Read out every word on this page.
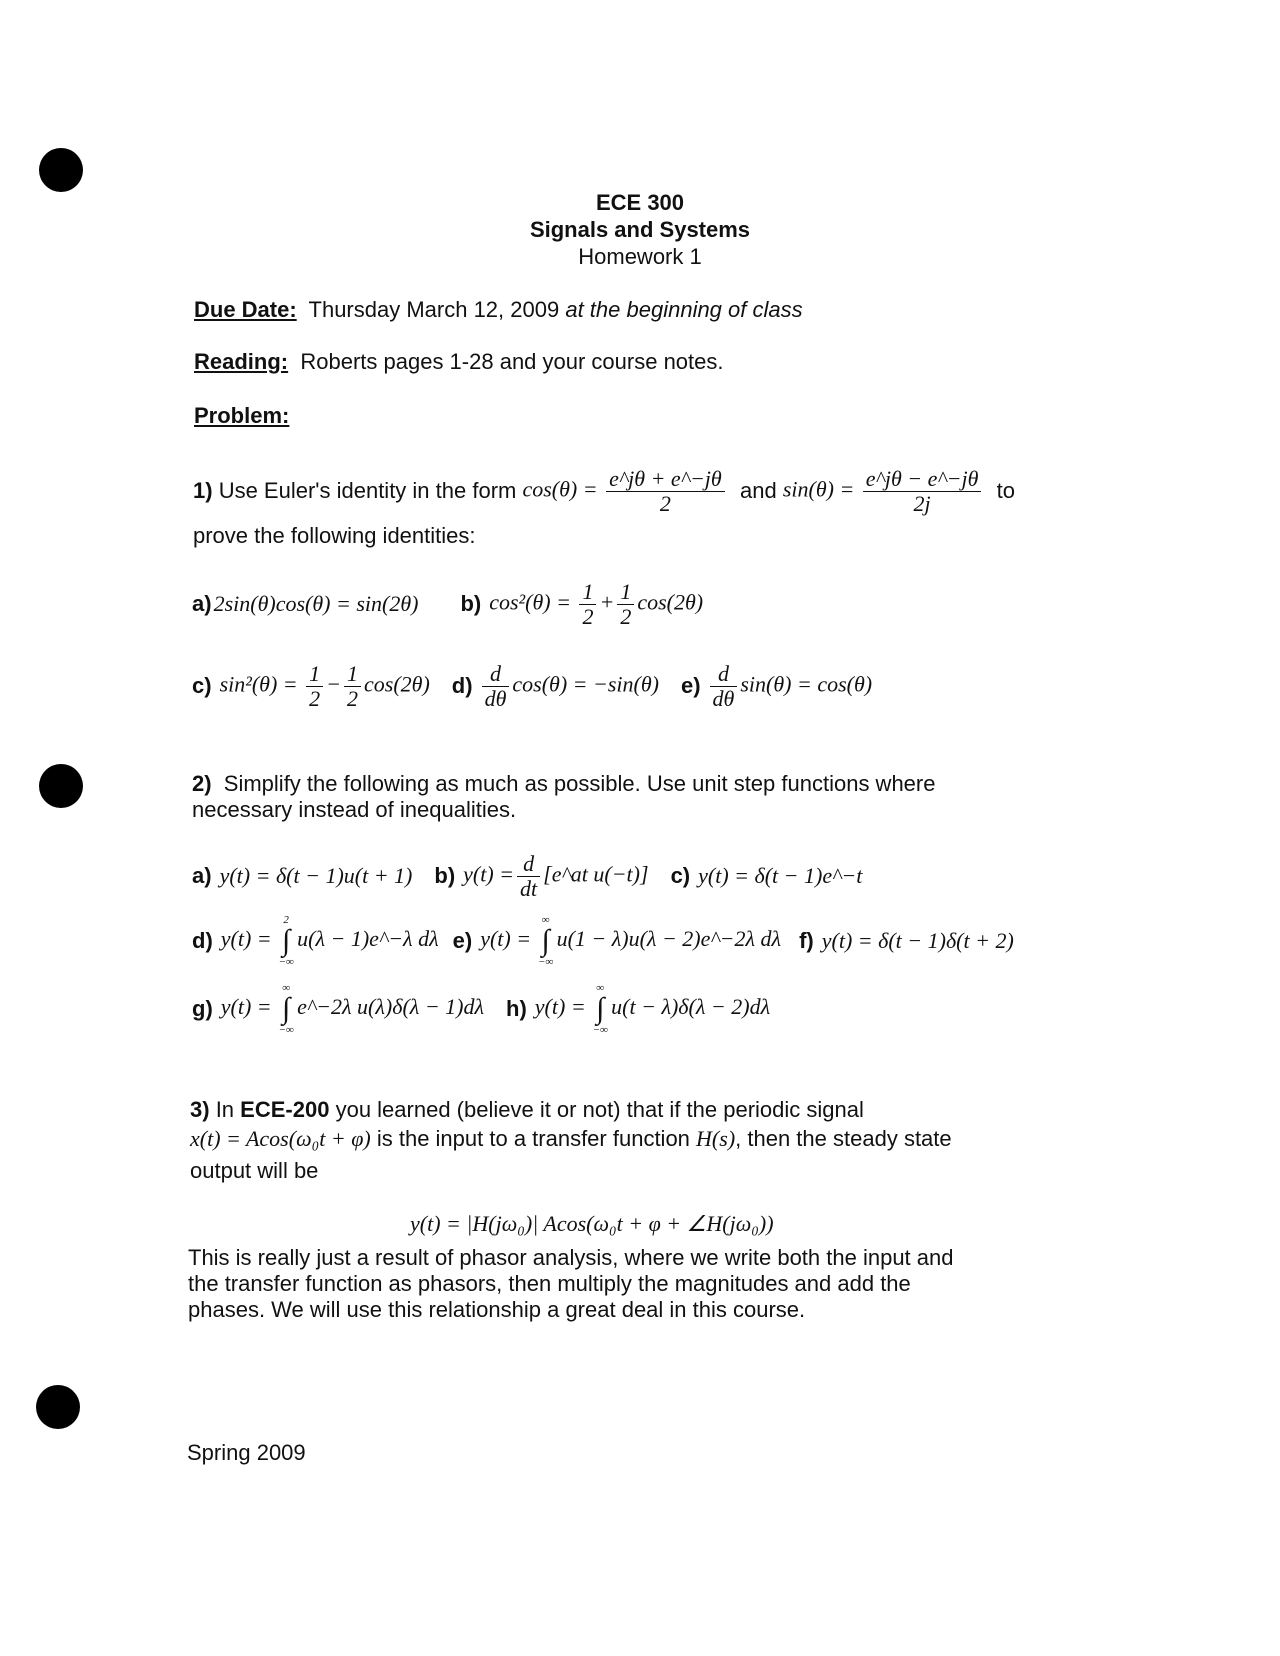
ECE 300
Signals and Systems
Homework 1
Due Date: Thursday March 12, 2009 at the beginning of class
Reading: Roberts pages 1-28 and your course notes.
Problem:
1)
Use Euler's identity in the form
$\cos(\theta) = \frac{e\^{}j\theta + e\^{}-j\theta}{2}$
and
$\sin(\theta) = \frac{e\^{}j\theta - e\^{}-j\theta}{2j}$
to
prove the following identities:
a) 2sin(θ)cos(θ) = sin(2θ) b) $\cos^2(\theta) = \frac{1}{2} + \frac{1}{2} \cos(2\theta)$
c) $\sin^2(\theta) = \frac{1}{2} - \frac{1}{2} \cos(2\theta)$ $d) \frac{d}{d\theta} \cos(\theta) = -\sin(\theta)$ $e) \frac{d}{d\theta} \sin(\theta) = \cos(\theta)$
2) Simplify the following as much as possible. Use unit step functions where
necessary instead of inequalities.
a) y(t) = δ(t − 1)u(t + 1) b) $y(t) = \frac{d}{dt}$ [e^at u(−t)] c) y(t) = δ(t − 1)e^−t
d) y(t) =
2
∫
−∞
u(λ − 1)e^−λ dλ e) y(t) =
∞
∫
−∞
u(1 − λ)u(λ − 2)e^−2λ dλ f) y(t) = δ(t − 1)δ(t + 2)
g) y(t) =
∞
∫
−∞
e^−2λ u(λ)δ(λ − 1)dλ h) y(t) =
∞
∫
−∞
u(t − λ)δ(λ − 2)dλ
3) In ECE-200 you learned (believe it or not) that if the periodic signal
x(t) = Acos(ω₀t + φ) is the input to a transfer function H(s), then the steady state
output will be
y(t) = |H(jω₀)| Acos(ω₀t + φ + ∠H(jω₀))
This is really just a result of phasor analysis, where we write both the input and
the transfer function as phasors, then multiply the magnitudes and add the
phases. We will use this relationship a great deal in this course.
Spring 2009
